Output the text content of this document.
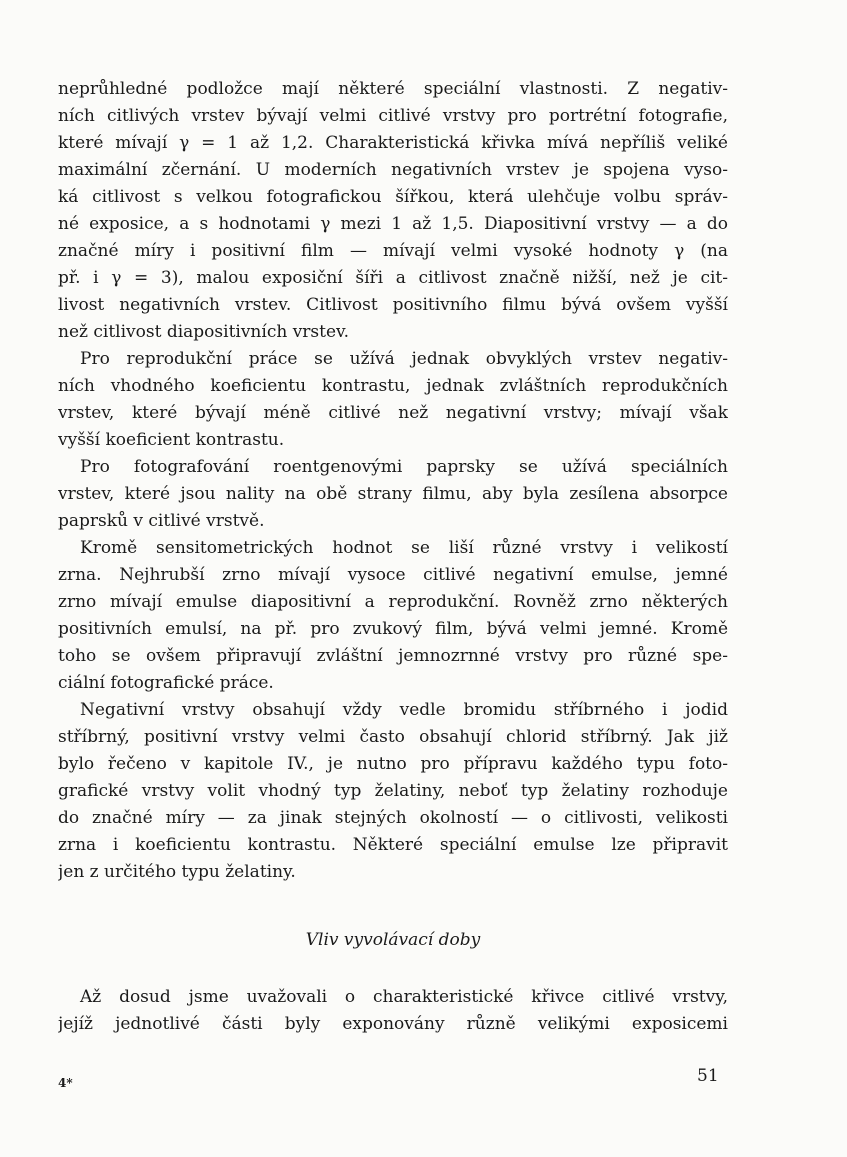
neprůhledné podložce mají některé speciální vlastnosti. Z negativ-
ních citlivých vrstev bývají velmi citlivé vrstvy pro portrétní fotografie,
které mívají γ = 1 až 1,2. Charakteristická křivka mívá nepříliš veliké
maximální zčernání. U moderních negativních vrstev je spojena vyso-
ká citlivost s velkou fotografickou šířkou, která ulehčuje volbu správ-
né exposice, a s hodnotami γ mezi 1 až 1,5. Diapositivní vrstvy — a do
značné míry i positivní film — mívají velmi vysoké hodnoty γ (na
př. i γ = 3), malou exposiční šíři a citlivost značně nižší, než je cit-
livost negativních vrstev. Citlivost positivního filmu bývá ovšem vyšší
než citlivost diapositivních vrstev.
Pro reprodukční práce se užívá jednak obvyklých vrstev negativ-
ních vhodného koeficientu kontrastu, jednak zvláštních reprodukčních
vrstev, které bývají méně citlivé než negativní vrstvy; mívají však
vyšší koeficient kontrastu.
Pro fotografování roentgenovými paprsky se užívá speciálních
vrstev, které jsou nality na obě strany filmu, aby byla zesílena absorpce
paprsků v citlivé vrstvě.
Kromě sensitometrických hodnot se liší různé vrstvy i velikostí
zrna. Nejhrubší zrno mívají vysoce citlivé negativní emulse, jemné
zrno mívají emulse diapositivní a reprodukční. Rovněž zrno některých
positivních emulsí, na př. pro zvukový film, bývá velmi jemné. Kromě
toho se ovšem připravují zvláštní jemnozrnné vrstvy pro různé spe-
ciální fotografické práce.
Negativní vrstvy obsahují vždy vedle bromidu stříbrného i jodid
stříbrný, positivní vrstvy velmi často obsahují chlorid stříbrný. Jak již
bylo řečeno v kapitole IV., je nutno pro přípravu každého typu foto-
grafické vrstvy volit vhodný typ želatiny, neboť typ želatiny rozhoduje
do značné míry — za jinak stejných okolností — o citlivosti, velikosti
zrna i koeficientu kontrastu. Některé speciální emulse lze připravit
jen z určitého typu želatiny.
Vliv vyvolávací doby
Až dosud jsme uvažovali o charakteristické křivce citlivé vrstvy,
jejíž jednotlivé části byly exponovány různě velikými exposicemi
4*	51
